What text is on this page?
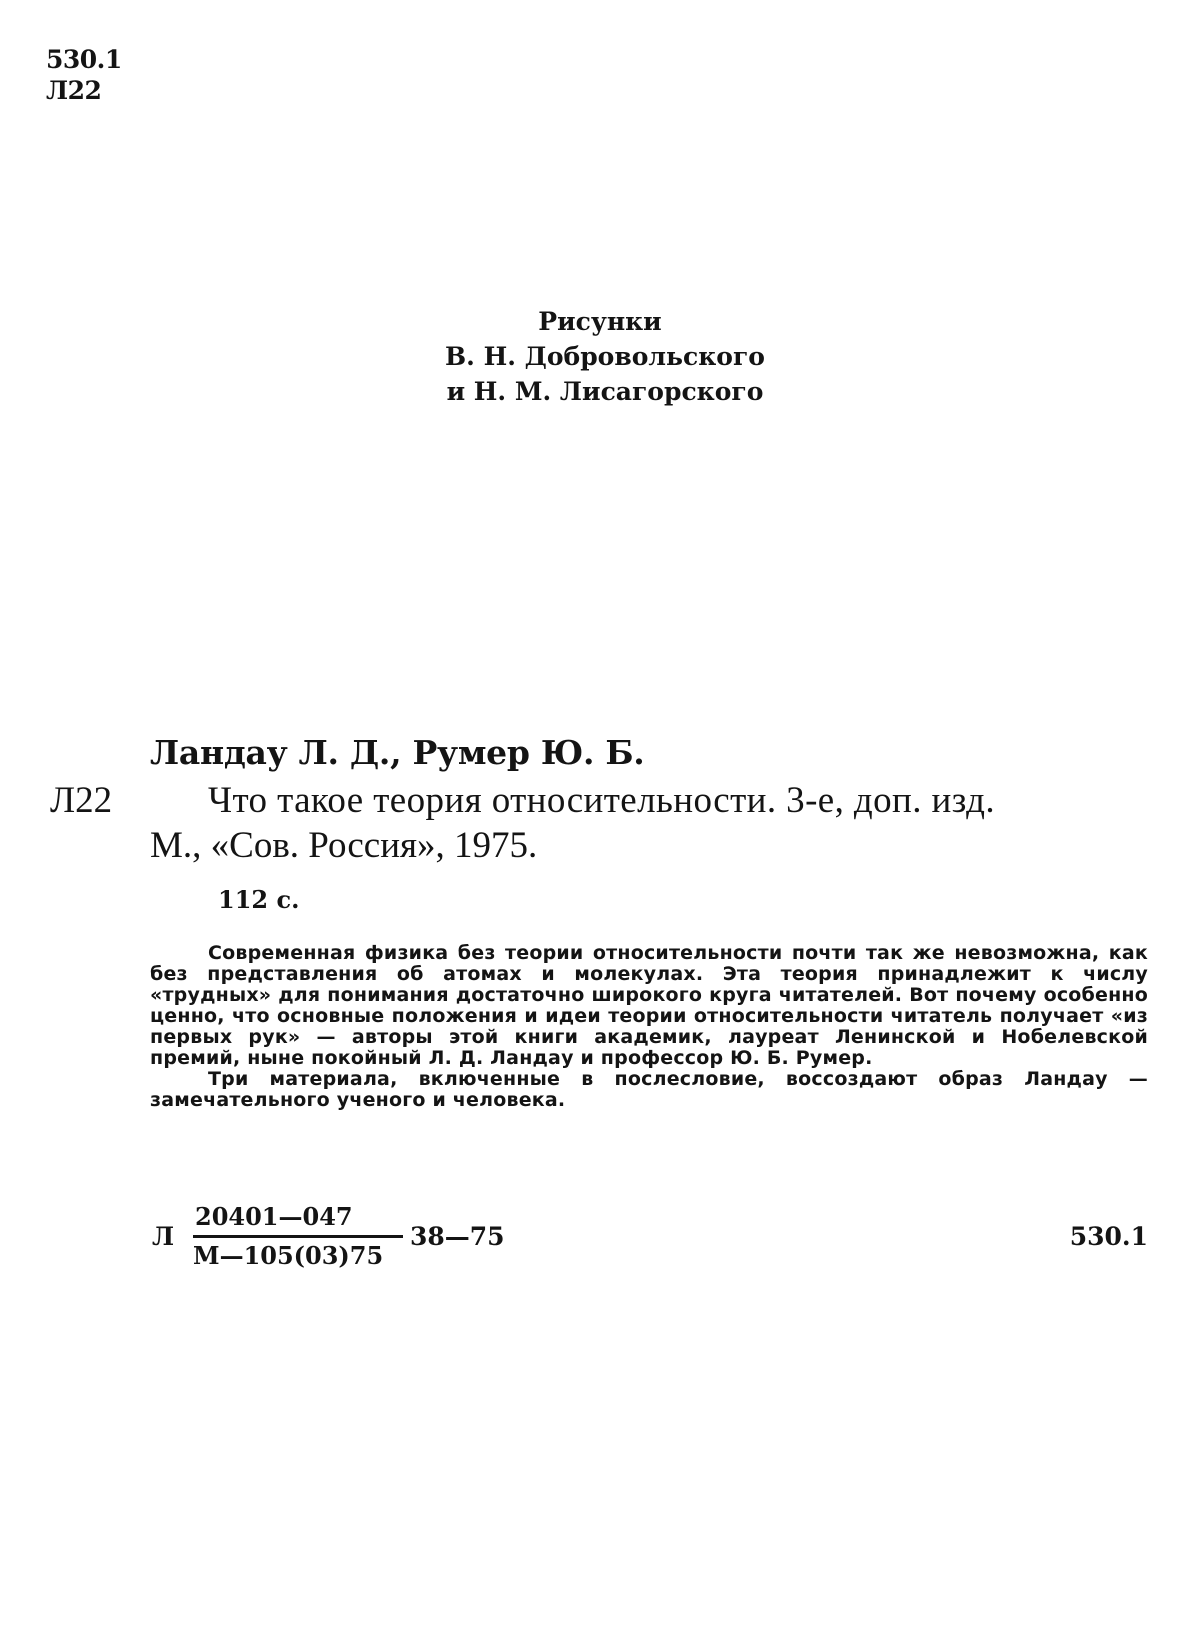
530.1
Л22
Рисунки
В. Н. Добровольского
и Н. М. Лисагорского
Ландау Л. Д., Румер Ю. Б.
Л22	Что такое теория относительности. 3-е, доп. изд.
М., «Сов. Россия», 1975.
112 с.

Современная физика без теории относительности почти так же невозможна, как без представления об атомах и молекулах. Эта теория принадлежит к числу «трудных» для понимания достаточно широкого круга читателей. Вот почему особенно ценно, что основные положения и идеи теории относительности читатель получает «из первых рук» — авторы этой книги академик, лауреат Ленинской и Нобелевской премий, ныне покойный Л. Д. Ландау и профессор Ю. Б. Румер.

Три материала, включенные в послесловие, воссоздают образ Ландау — замечательного ученого и человека.

Л
20401—047
М—105(03)75
38—75	530.1
